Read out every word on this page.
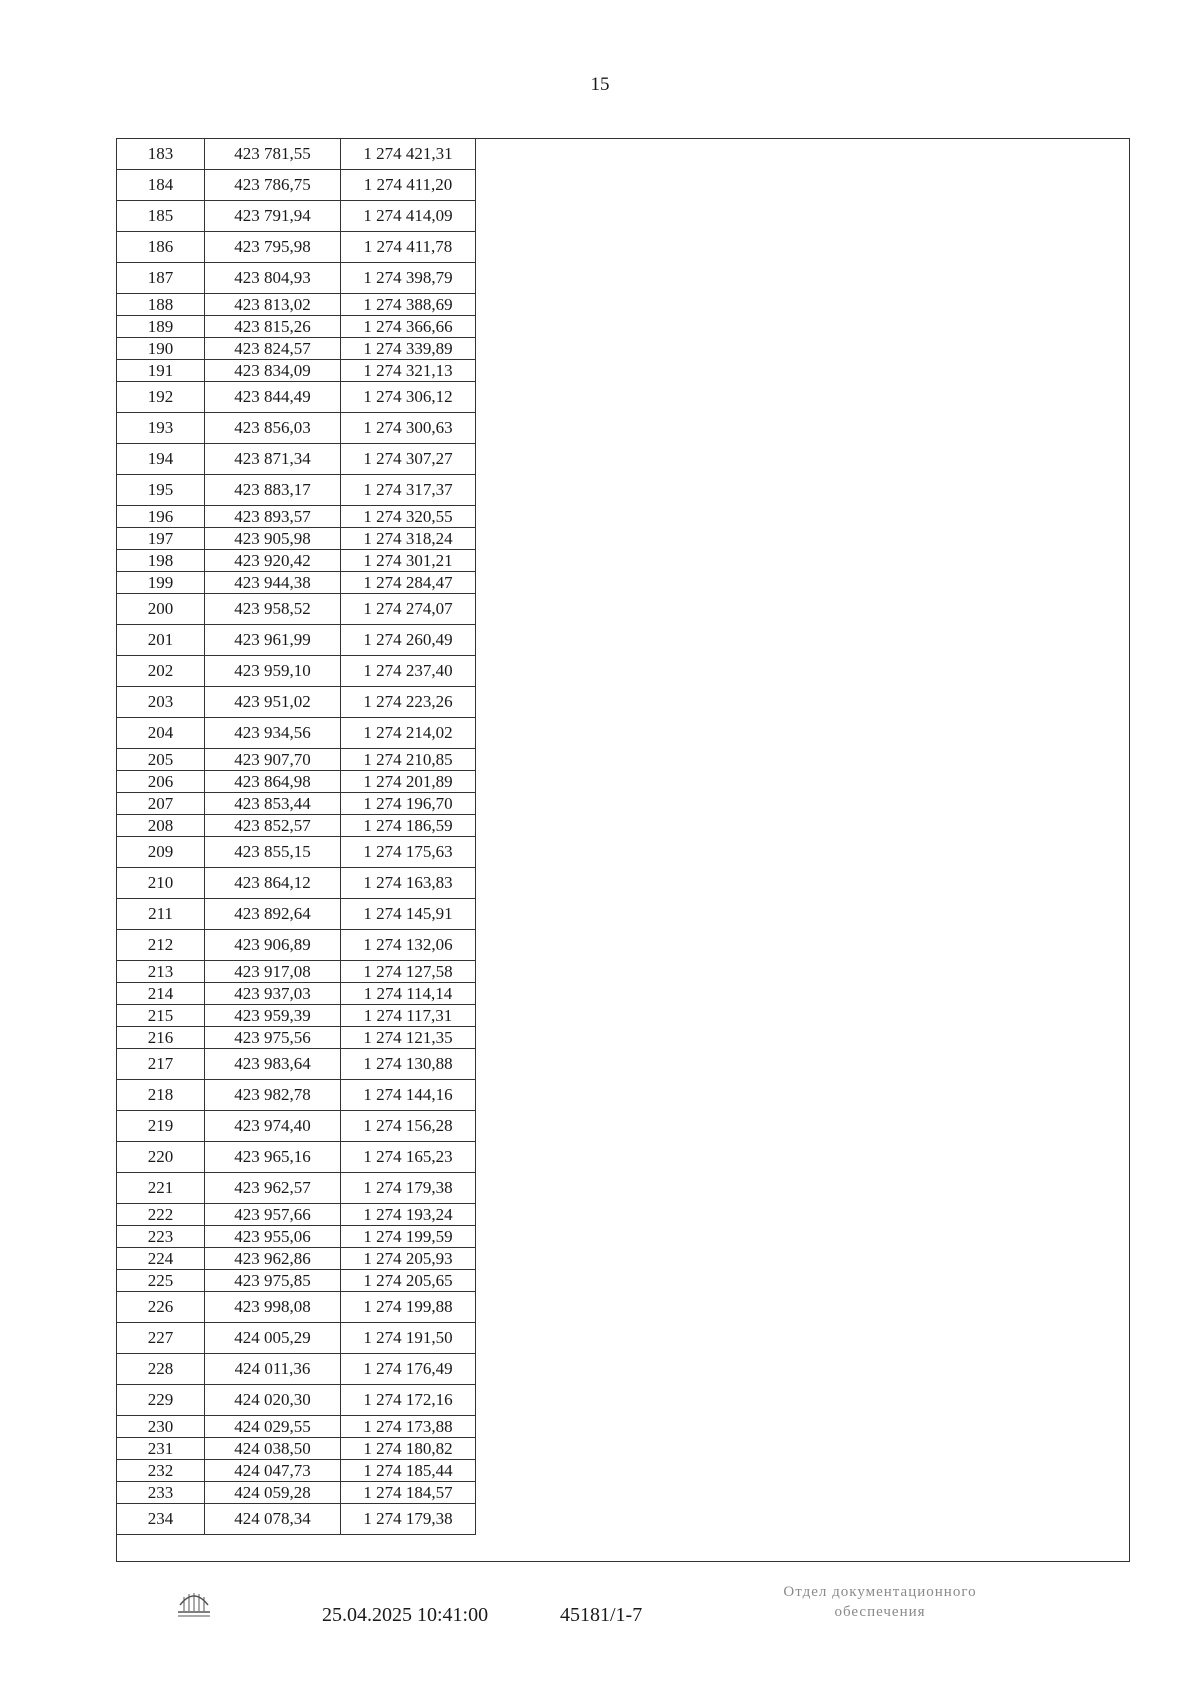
15
183	423 781,55	1 274 421,31
184	423 786,75	1 274 411,20
185	423 791,94	1 274 414,09
186	423 795,98	1 274 411,78
187	423 804,93	1 274 398,79
188	423 813,02	1 274 388,69
189	423 815,26	1 274 366,66
190	423 824,57	1 274 339,89
191	423 834,09	1 274 321,13
192	423 844,49	1 274 306,12
193	423 856,03	1 274 300,63
194	423 871,34	1 274 307,27
195	423 883,17	1 274 317,37
196	423 893,57	1 274 320,55
197	423 905,98	1 274 318,24
198	423 920,42	1 274 301,21
199	423 944,38	1 274 284,47
200	423 958,52	1 274 274,07
201	423 961,99	1 274 260,49
202	423 959,10	1 274 237,40
203	423 951,02	1 274 223,26
204	423 934,56	1 274 214,02
205	423 907,70	1 274 210,85
206	423 864,98	1 274 201,89
207	423 853,44	1 274 196,70
208	423 852,57	1 274 186,59
209	423 855,15	1 274 175,63
210	423 864,12	1 274 163,83
211	423 892,64	1 274 145,91
212	423 906,89	1 274 132,06
213	423 917,08	1 274 127,58
214	423 937,03	1 274 114,14
215	423 959,39	1 274 117,31
216	423 975,56	1 274 121,35
217	423 983,64	1 274 130,88
218	423 982,78	1 274 144,16
219	423 974,40	1 274 156,28
220	423 965,16	1 274 165,23
221	423 962,57	1 274 179,38
222	423 957,66	1 274 193,24
223	423 955,06	1 274 199,59
224	423 962,86	1 274 205,93
225	423 975,85	1 274 205,65
226	423 998,08	1 274 199,88
227	424 005,29	1 274 191,50
228	424 011,36	1 274 176,49
229	424 020,30	1 274 172,16
230	424 029,55	1 274 173,88
231	424 038,50	1 274 180,82
232	424 047,73	1 274 185,44
233	424 059,28	1 274 184,57
234	424 078,34	1 274 179,38
25.04.2025 10:41:00	45181/1-7
Отдел документационного
обеспечения
